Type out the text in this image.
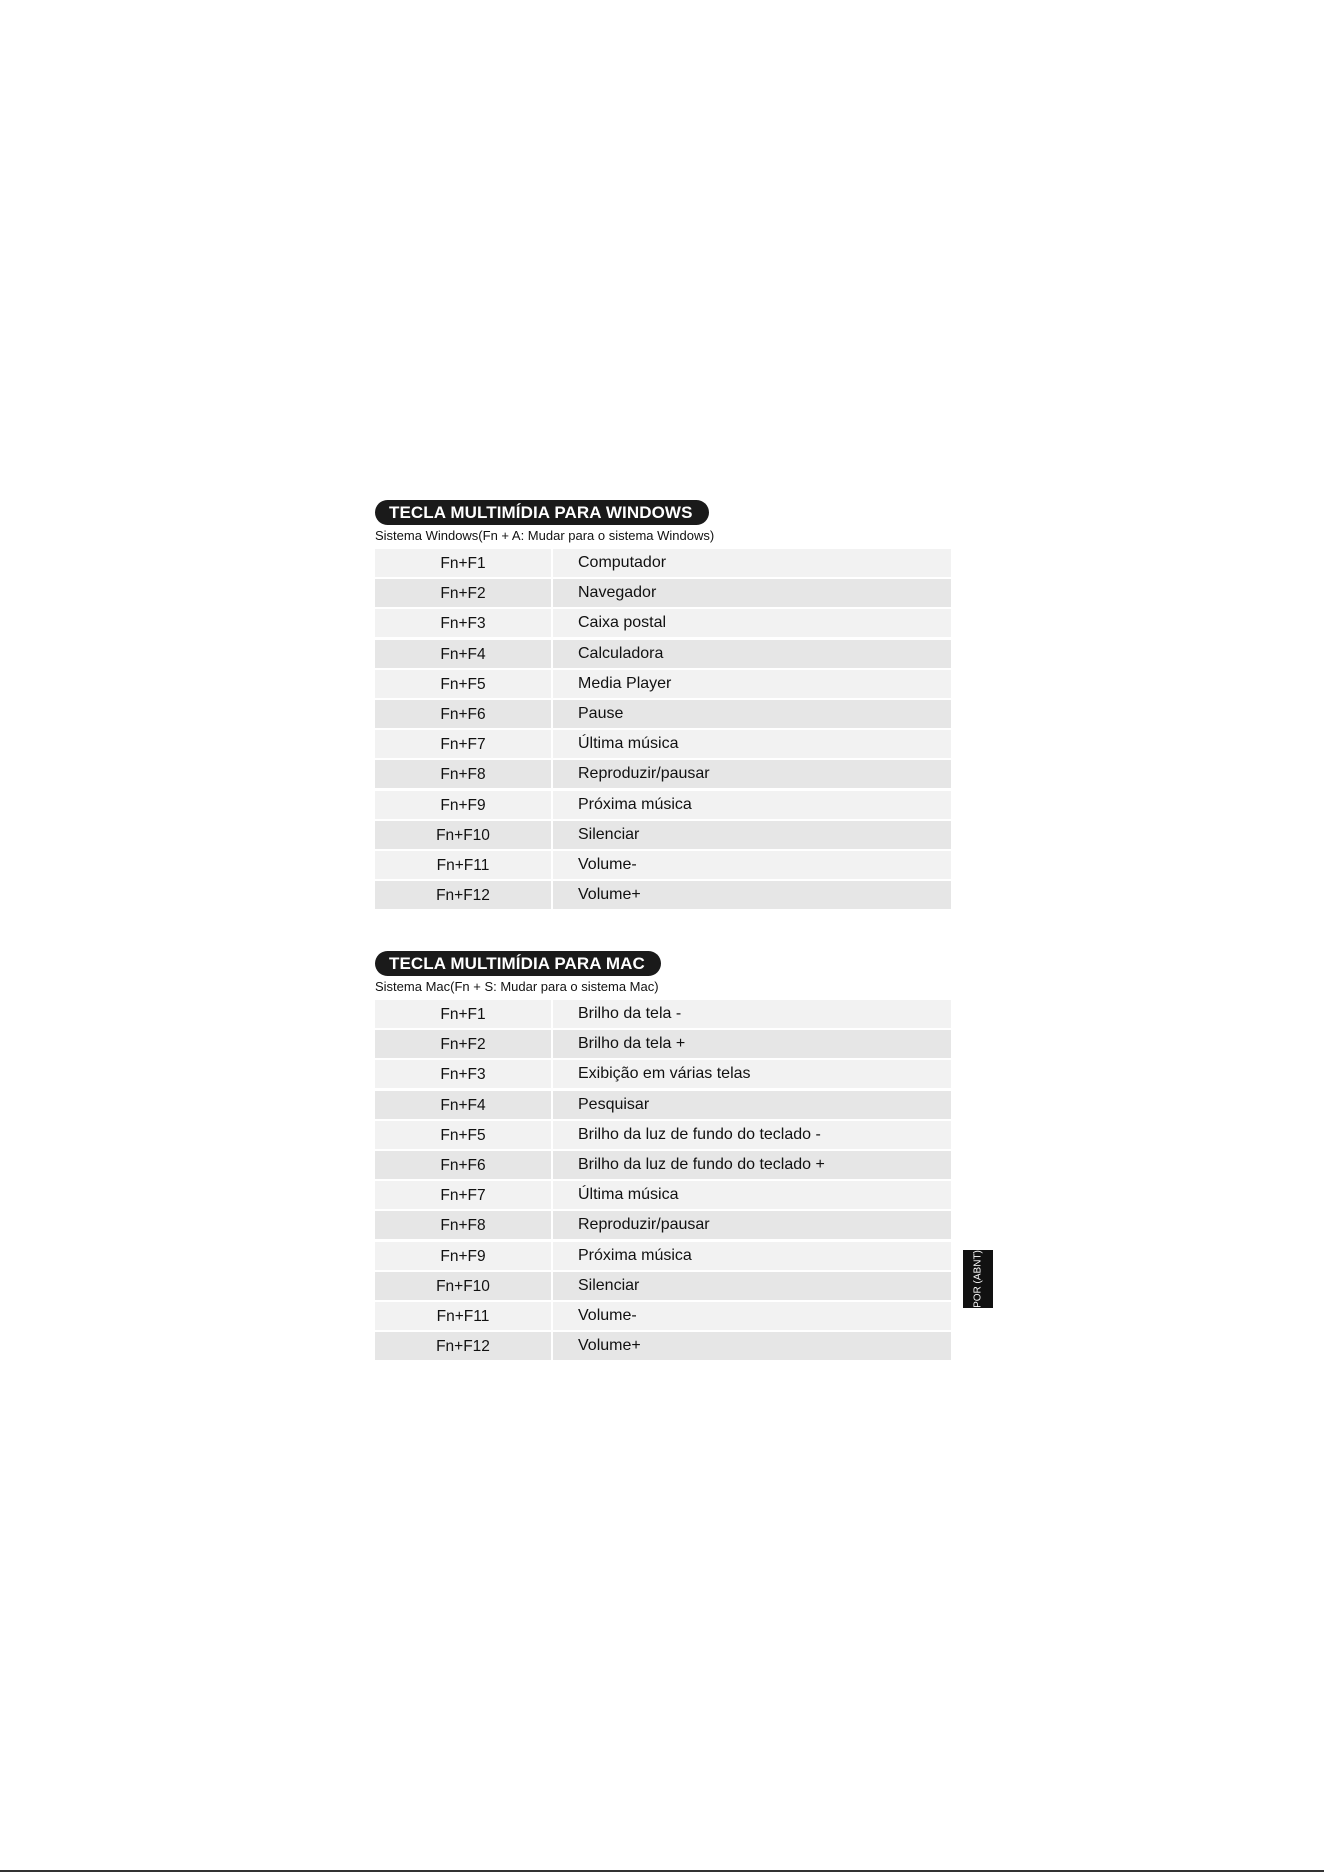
TECLA MULTIMÍDIA PARA WINDOWS
Sistema Windows(Fn + A: Mudar para o sistema Windows)
Fn+F1	Computador
Fn+F2	Navegador
Fn+F3	Caixa postal
Fn+F4	Calculadora
Fn+F5	Media Player
Fn+F6	Pause
Fn+F7	Última música
Fn+F8	Reproduzir/pausar
Fn+F9	Próxima música
Fn+F10	Silenciar
Fn+F11	Volume-
Fn+F12	Volume+
TECLA MULTIMÍDIA PARA MAC
Sistema Mac(Fn + S: Mudar para o sistema Mac)
Fn+F1	Brilho da tela -
Fn+F2	Brilho da tela +
Fn+F3	Exibição em várias telas
Fn+F4	Pesquisar
Fn+F5	Brilho da luz de fundo do teclado -
Fn+F6	Brilho da luz de fundo do teclado +
Fn+F7	Última música
Fn+F8	Reproduzir/pausar
Fn+F9	Próxima música
Fn+F10	Silenciar
Fn+F11	Volume-
Fn+F12	Volume+
POR (ABNT)
